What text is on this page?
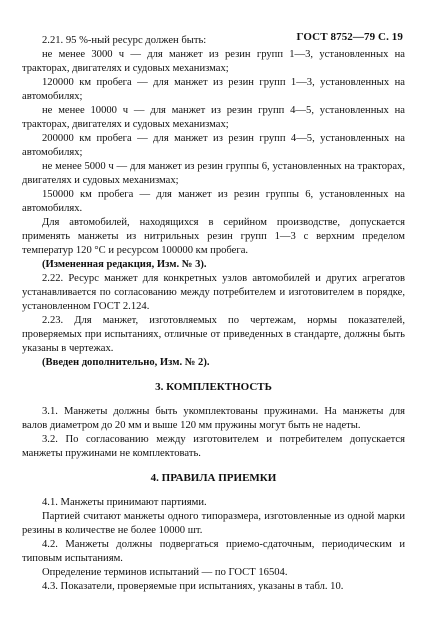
ГОСТ 8752—79 С. 19

2.21. 95 %-ный ресурс должен быть:

не менее 3000 ч — для манжет из резин групп 1—3, установленных на тракторах, двигателях и судовых механизмах;

120000 км пробега — для манжет из резин групп 1—3, установленных на автомобилях;

не менее 10000 ч — для манжет из резин групп 4—5, установленных на тракторах, двигателях и судовых механизмах;

200000 км пробега — для манжет из резин групп 4—5, установленных на автомобилях;

не менее 5000 ч — для манжет из резин группы 6, установленных на тракторах, двигателях и судовых механизмах;

150000 км пробега — для манжет из резин группы 6, установленных на автомобилях.

Для автомобилей, находящихся в серийном производстве, допускается применять манжеты из нитрильных резин групп 1—3 с верхним пределом температур 120 °С и ресурсом 100000 км пробега.

(Измененная редакция, Изм. № 3).

2.22. Ресурс манжет для конкретных узлов автомобилей и других агрегатов устанавливается по согласованию между потребителем и изготовителем в порядке, установленном ГОСТ 2.124.

2.23. Для манжет, изготовляемых по чертежам, нормы показателей, проверяемых при испытаниях, отличные от приведенных в стандарте, должны быть указаны в чертежах.

(Введен дополнительно, Изм. № 2).

3. КОМПЛЕКТНОСТЬ

3.1. Манжеты должны быть укомплектованы пружинами. На манжеты для валов диаметром до 20 мм и выше 120 мм пружины могут быть не надеты.

3.2. По согласованию между изготовителем и потребителем допускается манжеты пружинами не комплектовать.

4. ПРАВИЛА ПРИЕМКИ

4.1. Манжеты принимают партиями.

Партией считают манжеты одного типоразмера, изготовленные из одной марки резины в количестве не более 10000 шт.

4.2. Манжеты должны подвергаться приемо-сдаточным, периодическим и типовым испытаниям.

Определение терминов испытаний — по ГОСТ 16504.

4.3. Показатели, проверяемые при испытаниях, указаны в табл. 10.
